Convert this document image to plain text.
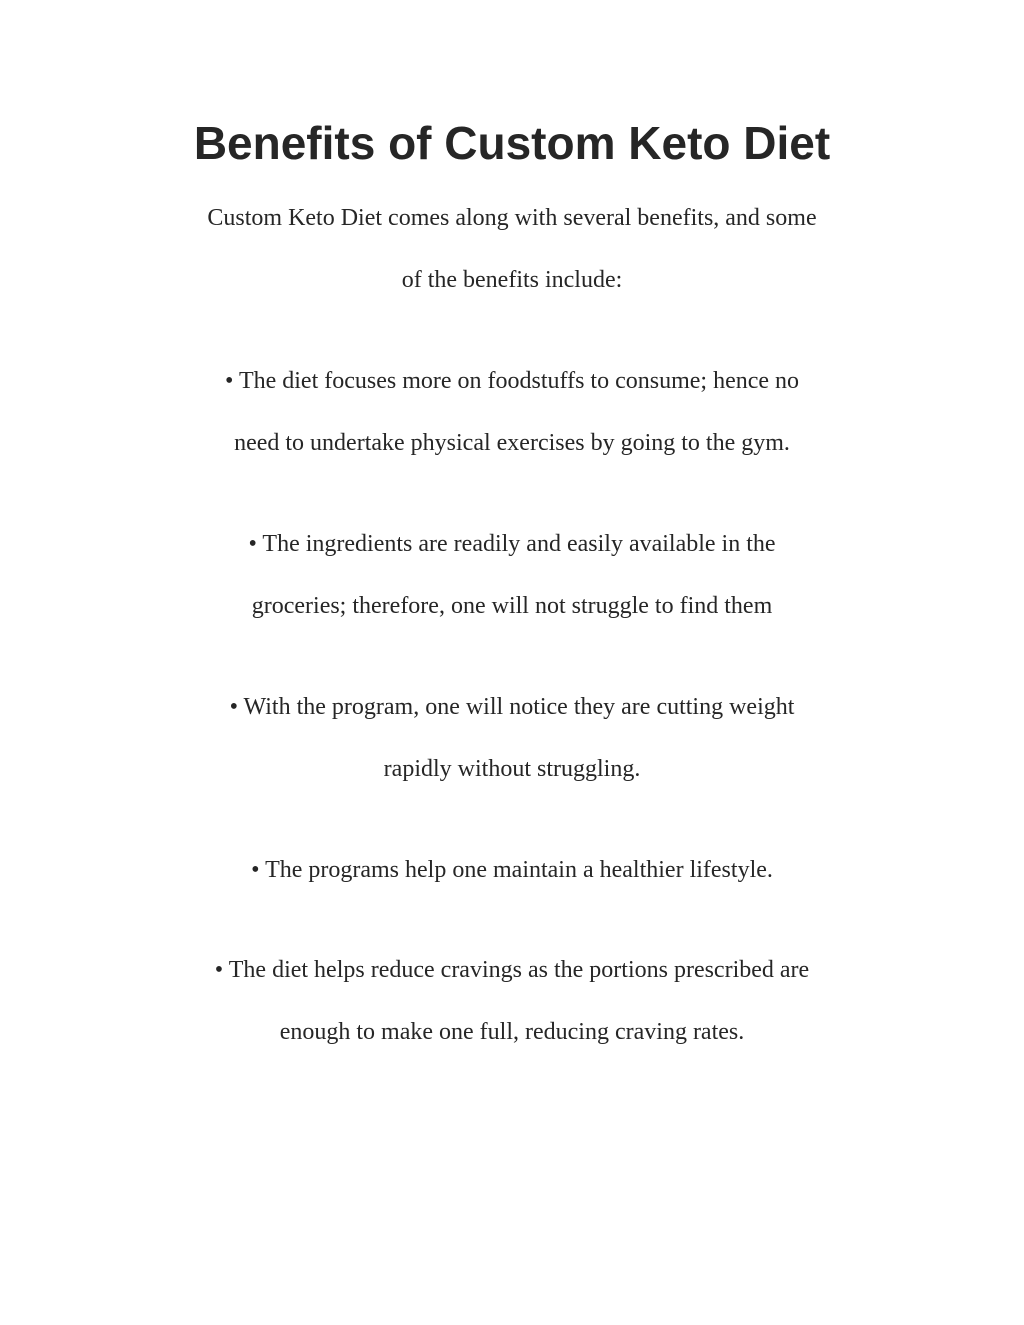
Benefits of Custom Keto Diet

Custom Keto Diet comes along with several benefits, and some

of the benefits include:

• The diet focuses more on foodstuffs to consume; hence no

need to undertake physical exercises by going to the gym.

• The ingredients are readily and easily available in the

groceries; therefore, one will not struggle to find them

• With the program, one will notice they are cutting weight

rapidly without struggling.

• The programs help one maintain a healthier lifestyle.

• The diet helps reduce cravings as the portions prescribed are

enough to make one full, reducing craving rates.
